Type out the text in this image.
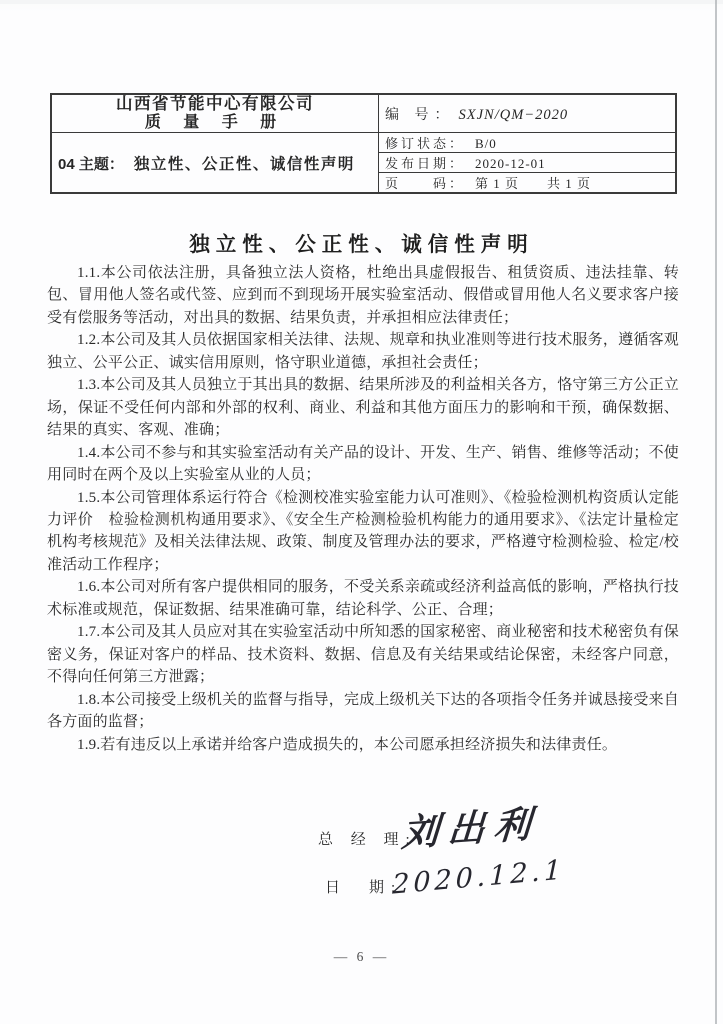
山西省节能中心有限公司
质 量 手 册	编 号： SXJN/QM−2020
04 主题： 独立性、公正性、诚信性声明	修订状态： B/0
	发布日期： 2020-12-01
	页　　码： 第 1 页　　共 1 页
独立性、公正性、诚信性声明

1.1.本公司依法注册，具备独立法人资格，杜绝出具虚假报告、租赁资质、违法挂靠、转包、冒用他人签名或代签、应到而不到现场开展实验室活动、假借或冒用他人名义要求客户接受有偿服务等活动，对出具的数据、结果负责，并承担相应法律责任；

1.2.本公司及其人员依据国家相关法律、法规、规章和执业准则等进行技术服务，遵循客观独立、公平公正、诚实信用原则，恪守职业道德，承担社会责任；

1.3.本公司及其人员独立于其出具的数据、结果所涉及的利益相关各方，恪守第三方公正立场，保证不受任何内部和外部的权利、商业、利益和其他方面压力的影响和干预，确保数据、结果的真实、客观、准确；

1.4.本公司不参与和其实验室活动有关产品的设计、开发、生产、销售、维修等活动；不使用同时在两个及以上实验室从业的人员；

1.5.本公司管理体系运行符合《检测校准实验室能力认可准则》、《检验检测机构资质认定能力评价　检验检测机构通用要求》、《安全生产检测检验机构能力的通用要求》、《法定计量检定机构考核规范》及相关法律法规、政策、制度及管理办法的要求，严格遵守检测检验、检定/校准活动工作程序；

1.6.本公司对所有客户提供相同的服务，不受关系亲疏或经济利益高低的影响，严格执行技术标准或规范，保证数据、结果准确可靠，结论科学、公正、合理；

1.7.本公司及其人员应对其在实验室活动中所知悉的国家秘密、商业秘密和技术秘密负有保密义务，保证对客户的样品、技术资料、数据、信息及有关结果或结论保密，未经客户同意，不得向任何第三方泄露；

1.8.本公司接受上级机关的监督与指导，完成上级机关下达的各项指令任务并诚恳接受来自各方面的监督；

1.9.若有违反以上承诺并给客户造成损失的，本公司愿承担经济损失和法律责任。

总 经 理:
刘出利
日　期:
2020.12.1
— 6 —
